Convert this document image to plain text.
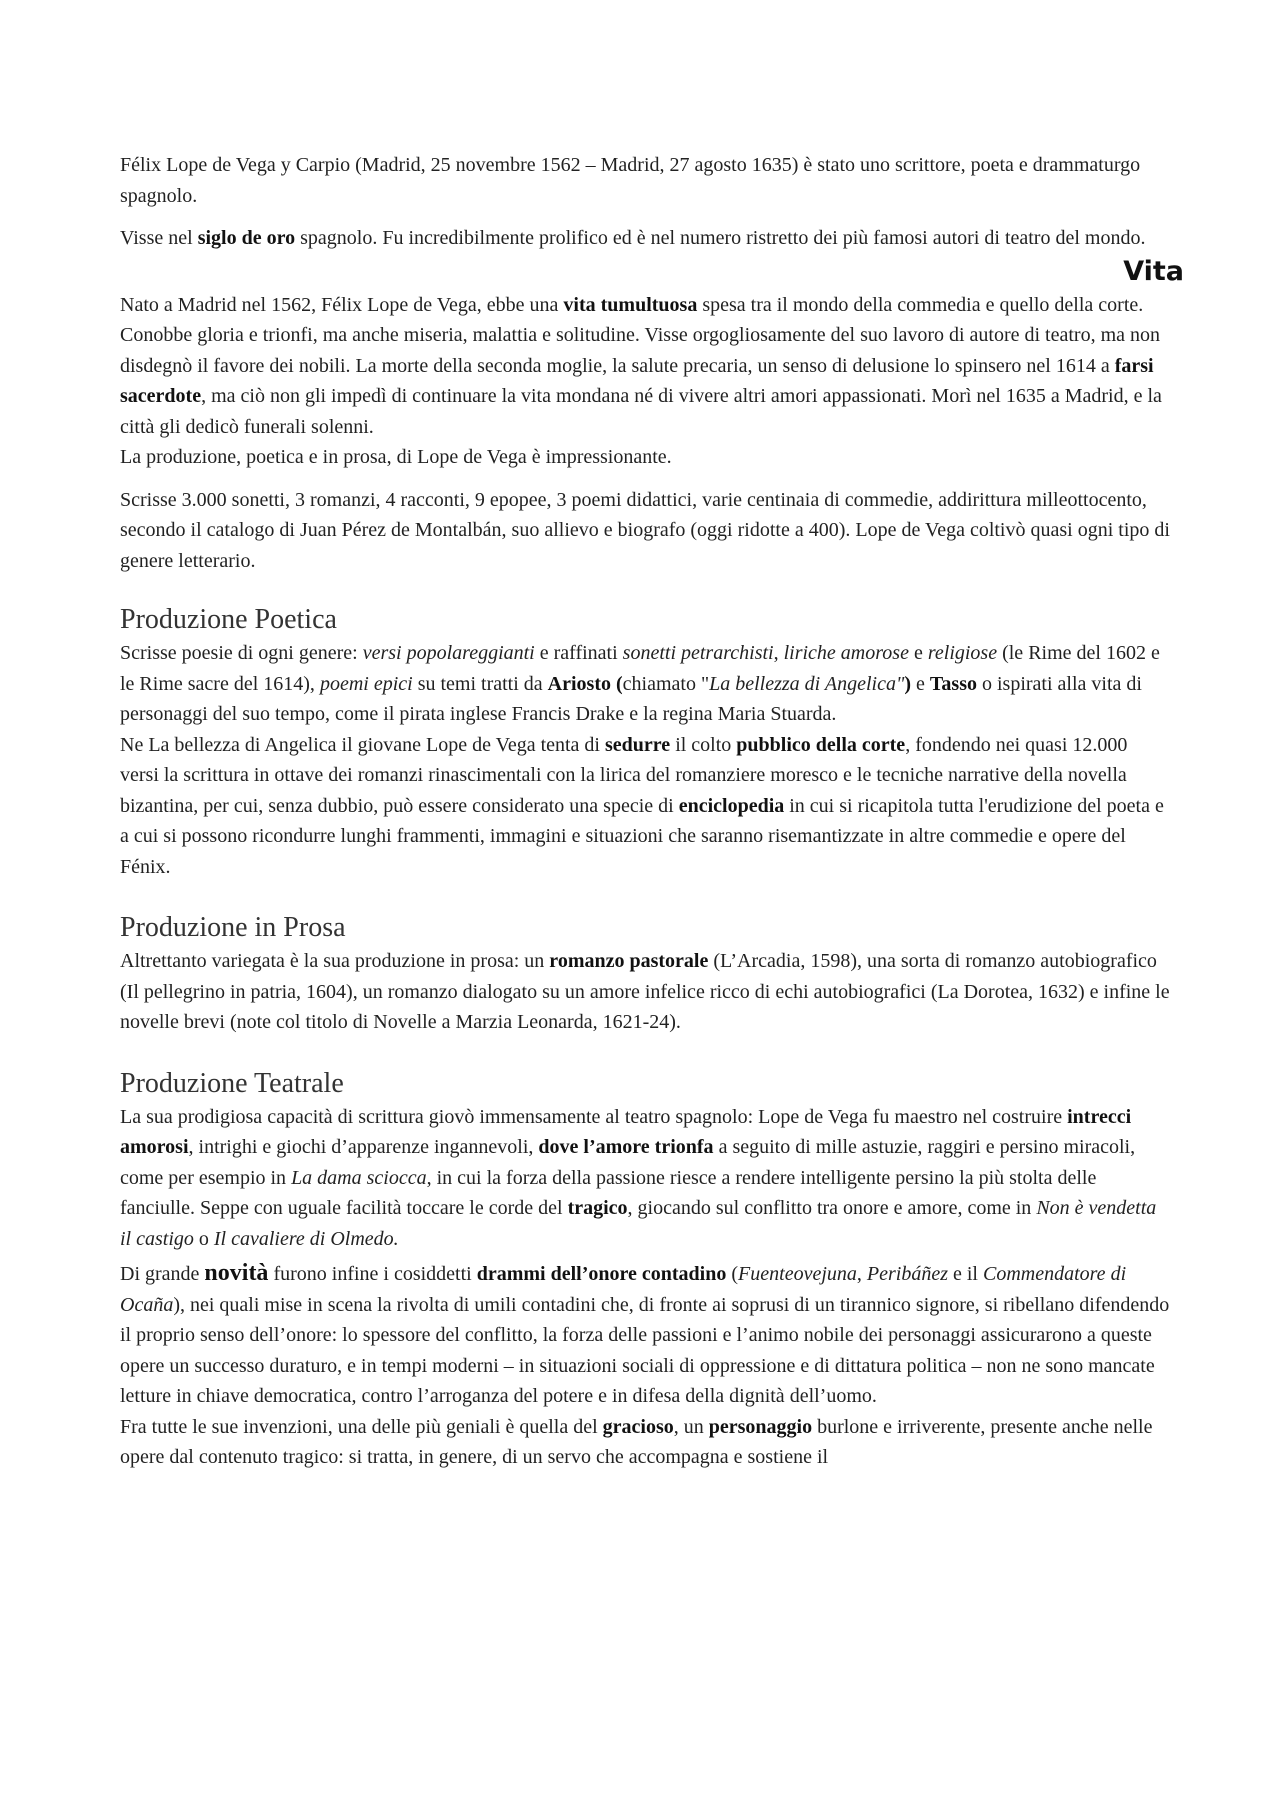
Félix Lope de Vega y Carpio (Madrid, 25 novembre 1562 – Madrid, 27 agosto 1635) è stato uno scrittore, poeta e drammaturgo spagnolo.

Visse nel siglo de oro spagnolo. Fu incredibilmente prolifico ed è nel numero ristretto dei più famosi autori di teatro del mondo.

Vita

Nato a Madrid nel 1562, Félix Lope de Vega, ebbe una vita tumultuosa spesa tra il mondo della commedia e quello della corte. Conobbe gloria e trionfi, ma anche miseria, malattia e solitudine. Visse orgogliosamente del suo lavoro di autore di teatro, ma non disdegnò il favore dei nobili. La morte della seconda moglie, la salute precaria, un senso di delusione lo spinsero nel 1614 a farsi sacerdote, ma ciò non gli impedì di continuare la vita mondana né di vivere altri amori appassionati. Morì nel 1635 a Madrid, e la città gli dedicò funerali solenni.

La produzione, poetica e in prosa, di Lope de Vega è impressionante.

Scrisse 3.000 sonetti, 3 romanzi, 4 racconti, 9 epopee, 3 poemi didattici, varie centinaia di commedie, addirittura milleottocento, secondo il catalogo di Juan Pérez de Montalbán, suo allievo e biografo (oggi ridotte a 400). Lope de Vega coltivò quasi ogni tipo di genere letterario.

Produzione Poetica

Scrisse poesie di ogni genere: versi popolareggianti e raffinati sonetti petrarchisti, liriche amorose e religiose (le Rime del 1602 e le Rime sacre del 1614), poemi epici su temi tratti da Ariosto (chiamato "La bellezza di Angelica") e Tasso o ispirati alla vita di personaggi del suo tempo, come il pirata inglese Francis Drake e la regina Maria Stuarda.

Ne La bellezza di Angelica il giovane Lope de Vega tenta di sedurre il colto pubblico della corte, fondendo nei quasi 12.000 versi la scrittura in ottave dei romanzi rinascimentali con la lirica del romanziere moresco e le tecniche narrative della novella bizantina, per cui, senza dubbio, può essere considerato una specie di enciclopedia in cui si ricapitola tutta l'erudizione del poeta e a cui si possono ricondurre lunghi frammenti, immagini e situazioni che saranno risemantizzate in altre commedie e opere del Fénix.

Produzione in Prosa

Altrettanto variegata è la sua produzione in prosa: un romanzo pastorale (L’Arcadia, 1598), una sorta di romanzo autobiografico (Il pellegrino in patria, 1604), un romanzo dialogato su un amore infelice ricco di echi autobiografici (La Dorotea, 1632) e infine le novelle brevi (note col titolo di Novelle a Marzia Leonarda, 1621-24).

Produzione Teatrale

La sua prodigiosa capacità di scrittura giovò immensamente al teatro spagnolo: Lope de Vega fu maestro nel costruire intrecci amorosi, intrighi e giochi d’apparenze ingannevoli, dove l’amore trionfa a seguito di mille astuzie, raggiri e persino miracoli, come per esempio in La dama sciocca, in cui la forza della passione riesce a rendere intelligente persino la più stolta delle fanciulle. Seppe con uguale facilità toccare le corde del tragico, giocando sul conflitto tra onore e amore, come in Non è vendetta il castigo o Il cavaliere di Olmedo.

Di grande novità furono infine i cosiddetti drammi dell’onore contadino (Fuenteovejuna, Peribáñez e il Commendatore di Ocaña), nei quali mise in scena la rivolta di umili contadini che, di fronte ai soprusi di un tirannico signore, si ribellano difendendo il proprio senso dell’onore: lo spessore del conflitto, la forza delle passioni e l’animo nobile dei personaggi assicurarono a queste opere un successo duraturo, e in tempi moderni – in situazioni sociali di oppressione e di dittatura politica – non ne sono mancate letture in chiave democratica, contro l’arroganza del potere e in difesa della dignità dell’uomo.

Fra tutte le sue invenzioni, una delle più geniali è quella del gracioso, un personaggio burlone e irriverente, presente anche nelle opere dal contenuto tragico: si tratta, in genere, di un servo che accompagna e sostiene il
